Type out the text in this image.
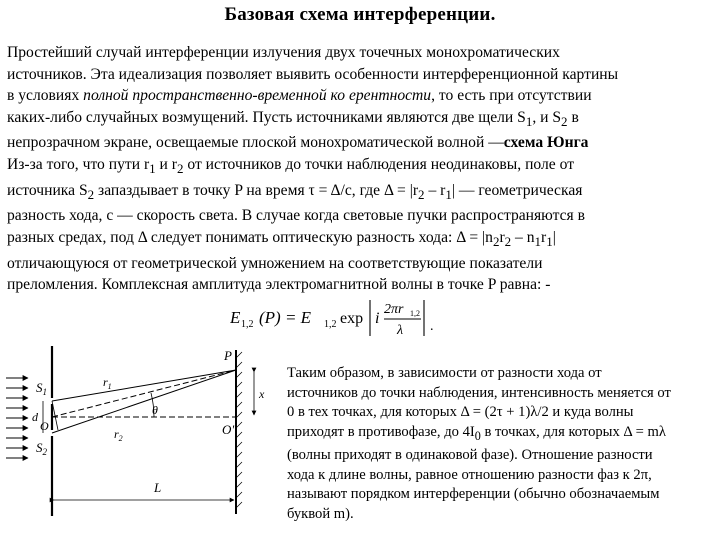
Базовая схема интерференции.
Простейший случай интерференции излучения двух точечных монохроматических
источников. Эта идеализация позволяет выявить особенности интерференционной картины
в условиях полной пространственно-временной ко ерентности, то есть при отсутствии
каких-либо случайных возмущений. Пусть источниками являются две щели $S_1$, и $S_2$ в
непрозрачном экране, освещаемые плоской монохроматической волной —схема Юнга
Из-за того, что пути $r_1$ и $r_2$ от источников до точки наблюдения неодинаковы, поле от
источника $S_2$ запаздывает в точку P на время τ = Δ/c, где $\Delta = |r_2 - r_1|$ — геометрическая
разность хода, с — скорость света. В случае когда световые пучки распространяются в
разных средах, под Δ следует понимать оптическую разность хода: $\Delta = |n_2r_2 - n_1r_1|$
отличающуюся от геометрической умножением на соответствующие показатели
преломления. Комплексная амплитуда электромагнитной волны в точке P равна: -
E 1,2 (P) = E 1,2 exp i
2πr 1,2
λ .
P
O'
$S_1$
$S_2$
O
d	θ
$r_1$
$r_2$
x
L
Таким образом, в зависимости от разности хода от
источников до точки наблюдения, интенсивность меняется от
0 в тех точках, для которых Δ = (2τ + 1)λ/2 и куда волны
приходят в противофазе, до $4I_0$ в точках, для которых Δ = mλ
(волны приходят в одинаковой фазе). Отношение разности
хода к длине волны, равное отношению разности фаз к 2π,
называют порядком интерференции (обычно обозначаемым
буквой m).
